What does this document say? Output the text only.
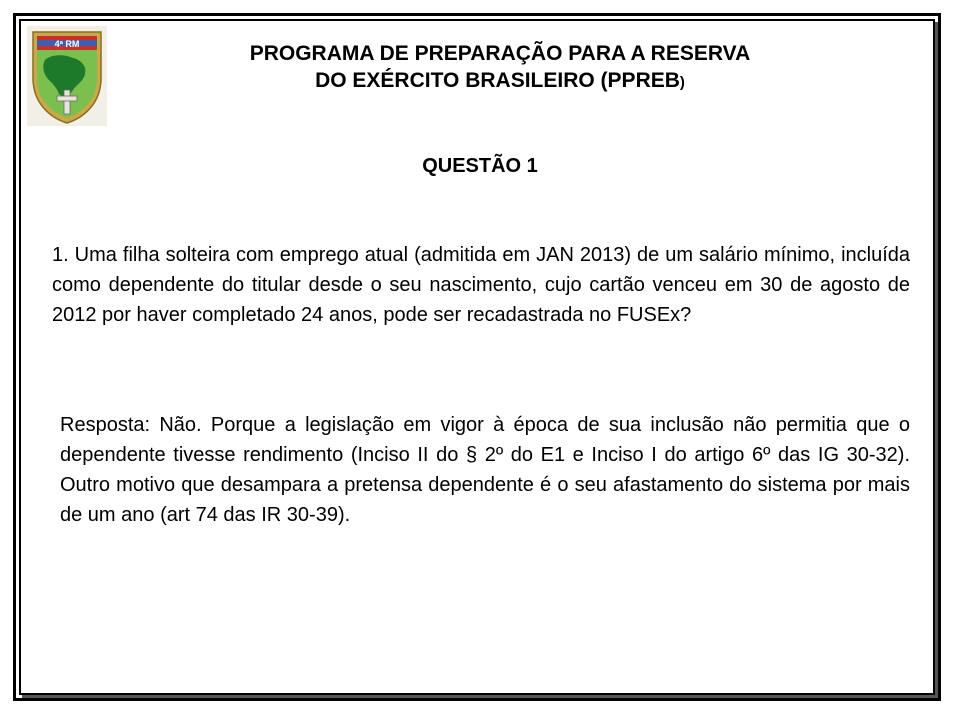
4ª RM	PROGRAMA DE PREPARAÇÃO PARA A RESERVA
DO EXÉRCITO BRASILEIRO (PPREB)
QUESTÃO 1

1. Uma filha solteira com emprego atual (admitida em JAN 2013) de um salário mínimo, incluída como dependente do titular desde o seu nascimento, cujo cartão venceu em 30 de agosto de 2012 por haver completado 24 anos, pode ser recadastrada no FUSEx?

Resposta: Não. Porque a legislação em vigor à época de sua inclusão não permitia que o dependente tivesse rendimento (Inciso II do § 2º do E1 e Inciso I do artigo 6º das IG 30-32). Outro motivo que desampara a pretensa dependente é o seu afastamento do sistema por mais de um ano (art 74 das IR 30-39).
